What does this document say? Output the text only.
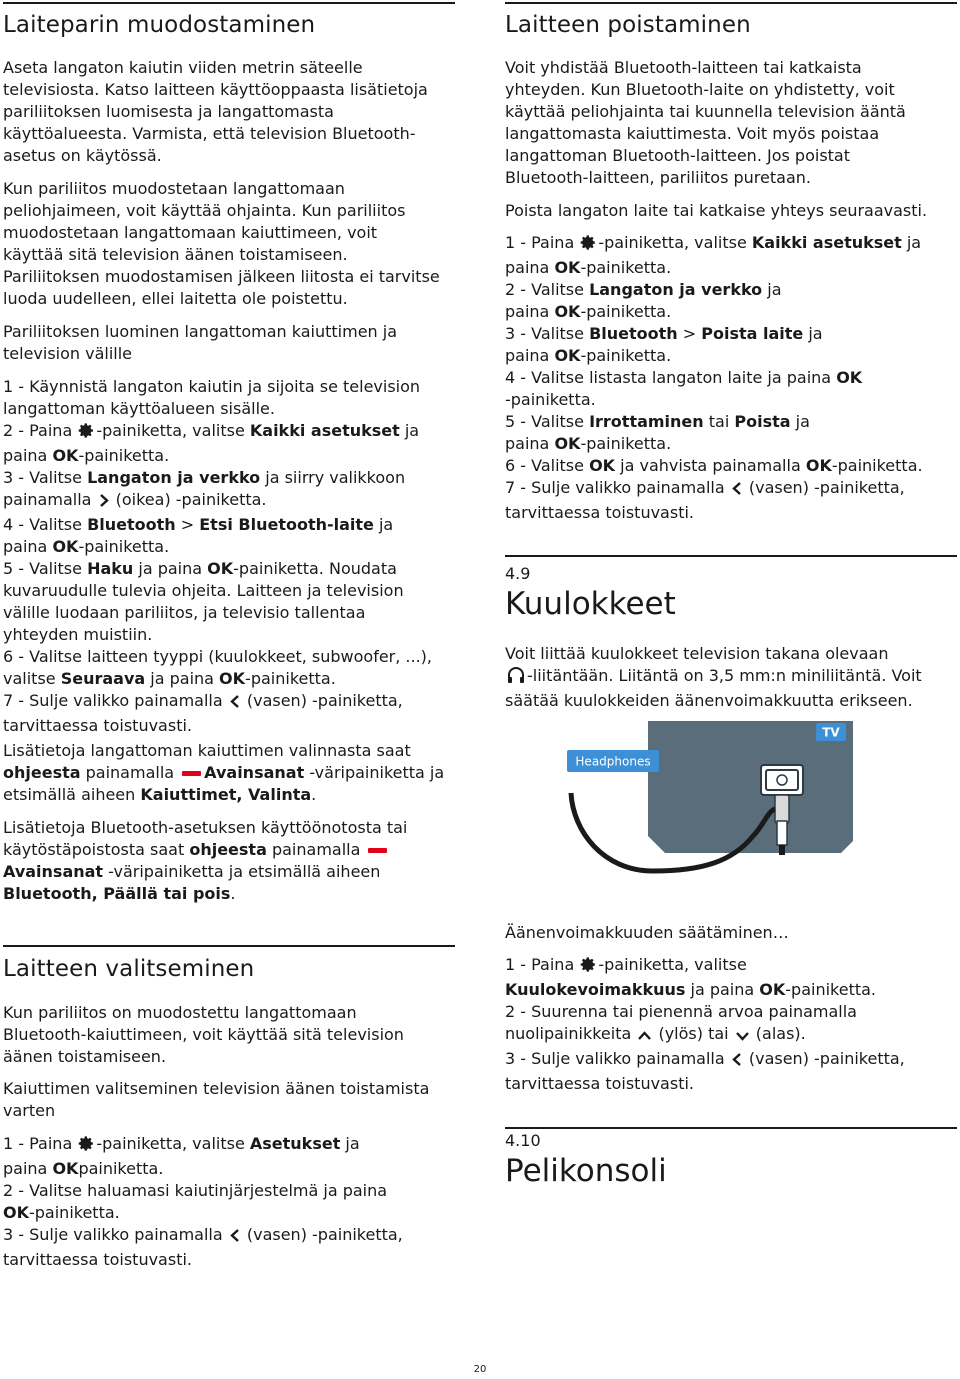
Laiteparin muodostaminen
Aseta langaton kaiutin viiden metrin säteelle
televisiosta. Katso laitteen käyttöoppaasta lisätietoja
pariliitoksen luomisesta ja langattomasta
käyttöalueesta. Varmista, että television Bluetooth-
asetus on käytössä.
Kun pariliitos muodostetaan langattomaan
peliohjaimeen, voit käyttää ohjainta. Kun pariliitos
muodostetaan langattomaan kaiuttimeen, voit
käyttää sitä television äänen toistamiseen.
Pariliitoksen muodostamisen jälkeen liitosta ei tarvitse
luoda uudelleen, ellei laitetta ole poistettu.
Pariliitoksen luominen langattoman kaiuttimen ja
television välille
1 - Käynnistä langaton kaiutin ja sijoita se television
langattoman käyttöalueen sisälle.
2 - Paina -painiketta, valitse Kaikki asetukset ja
paina OK-painiketta.
3 - Valitse Langaton ja verkko ja siirry valikkoon
painamalla  (oikea) -painiketta.
4 - Valitse Bluetooth > Etsi Bluetooth-laite ja
paina OK-painiketta.
5 - Valitse Haku ja paina OK-painiketta. Noudata
kuvaruudulle tulevia ohjeita. Laitteen ja television
välille luodaan pariliitos, ja televisio tallentaa
yhteyden muistiin.
6 - Valitse laitteen tyyppi (kuulokkeet, subwoofer, ...),
valitse Seuraava ja paina OK-painiketta.
7 - Sulje valikko painamalla  (vasen) -painiketta,
tarvittaessa toistuvasti.
Lisätietoja langattoman kaiuttimen valinnasta saat
ohjeesta painamalla Avainsanat -väripainiketta ja
etsimällä aiheen Kaiuttimet, Valinta.
Lisätietoja Bluetooth-asetuksen käyttöönotosta tai
käytöstäpoistosta saat ohjeesta painamalla
Avainsanat -väripainiketta ja etsimällä aiheen
Bluetooth, Päällä tai pois.
Laitteen valitseminen
Kun pariliitos on muodostettu langattomaan
Bluetooth-kaiuttimeen, voit käyttää sitä television
äänen toistamiseen.
Kaiuttimen valitseminen television äänen toistamista
varten
1 - Paina -painiketta, valitse Asetukset ja
paina OKpainiketta.
2 - Valitse haluamasi kaiutinjärjestelmä ja paina
OK-painiketta.
3 - Sulje valikko painamalla  (vasen) -painiketta,
tarvittaessa toistuvasti.
Laitteen poistaminen
Voit yhdistää Bluetooth-laitteen tai katkaista
yhteyden. Kun Bluetooth-laite on yhdistetty, voit
käyttää peliohjainta tai kuunnella television ääntä
langattomasta kaiuttimesta. Voit myös poistaa
langattoman Bluetooth-laitteen. Jos poistat
Bluetooth-laitteen, pariliitos puretaan.
Poista langaton laite tai katkaise yhteys seuraavasti.
1 - Paina -painiketta, valitse Kaikki asetukset ja
paina OK-painiketta.
2 - Valitse Langaton ja verkko ja
paina OK-painiketta.
3 - Valitse Bluetooth > Poista laite ja
paina OK-painiketta.
4 - Valitse listasta langaton laite ja paina OK
-painiketta.
5 - Valitse Irrottaminen tai Poista ja
paina OK-painiketta.
6 - Valitse OK ja vahvista painamalla OK-painiketta.
7 - Sulje valikko painamalla  (vasen) -painiketta,
tarvittaessa toistuvasti.
4.9
Kuulokkeet
Voit liittää kuulokkeet television takana olevaan
-liitäntään. Liitäntä on 3,5 mm:n miniliitäntä. Voit
säätää kuulokkeiden äänenvoimakkuutta erikseen.
Äänenvoimakkuuden säätäminen…
1 - Paina -painiketta, valitse
Kuulokevoimakkuus ja paina OK-painiketta.
2 - Suurenna tai pienennä arvoa painamalla
nuolipainikkeita  (ylös) tai  (alas).
3 - Sulje valikko painamalla  (vasen) -painiketta,
tarvittaessa toistuvasti.
4.10
Pelikonsoli
TV
Headphones
20
